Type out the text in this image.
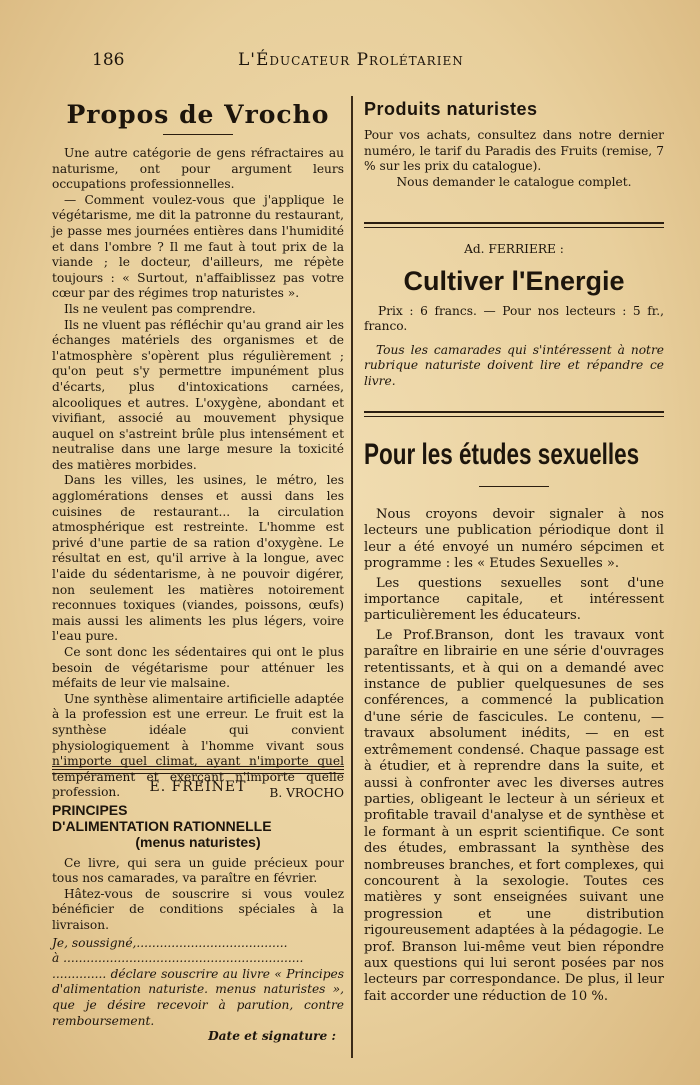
186	L'Éducateur Prolétarien
Propos de Vrocho

Une autre catégorie de gens réfractaires au naturisme, ont pour argument leurs occupations professionnelles.

— Comment voulez-vous que j'applique le végétarisme, me dit la patronne du restaurant, je passe mes journées entières dans l'humidité et dans l'ombre ? Il me faut à tout prix de la viande ; le docteur, d'ailleurs, me répète toujours : « Surtout, n'affaiblissez pas votre cœur par des régimes trop naturistes ».

Ils ne veulent pas comprendre.

Ils ne vluent pas réfléchir qu'au grand air les échanges matériels des organismes et de l'atmosphère s'opèrent plus régulièrement ; qu'on peut s'y permettre impunément plus d'écarts, plus d'intoxications carnées, alcooliques et autres. L'oxygène, abondant et vivifiant, associé au mouvement physique auquel on s'astreint brûle plus intensément et neutralise dans une large mesure la toxicité des matières morbides.

Dans les villes, les usines, le métro, les agglomérations denses et aussi dans les cuisines de restaurant... la circulation atmosphérique est restreinte. L'homme est privé d'une partie de sa ration d'oxygène. Le résultat en est, qu'il arrive à la longue, avec l'aide du sédentarisme, à ne pouvoir digérer, non seulement les matières notoirement reconnues toxiques (viandes, poissons, œufs) mais aussi les aliments les plus légers, voire l'eau pure.

Ce sont donc les sédentaires qui ont le plus besoin de végétarisme pour atténuer les méfaits de leur vie malsaine.

Une synthèse alimentaire artificielle adaptée à la profession est une erreur. Le fruit est la synthèse idéale qui convient physiologiquement à l'homme vivant sous n'importe quel climat, ayant n'importe quel tempérament et exerçant n'importe quelle profession.	B. VROCHO

E. FREINET

PRINCIPES
D'ALIMENTATION RATIONNELLE
(menus naturistes)

Ce livre, qui sera un guide précieux pour tous nos camarades, va paraître en février.

Hâtez-vous de souscrire si vous voulez bénéficier de conditions spéciales à la livraison.

Je, soussigné,.......................................

à ..............................................................

.............. déclare souscrire au livre « Principes d'alimentation naturiste. menus naturistes », que je désire recevoir à parution, contre remboursement.

Date et signature :

Produits naturistes

Pour vos achats, consultez dans notre dernier numéro, le tarif du Paradis des Fruits (remise, 7 % sur les prix du catalogue).

Nous demander le catalogue complet.

Ad. FERRIERE :

Cultiver l'Energie

Prix : 6 francs. — Pour nos lecteurs : 5 fr., franco.

Tous les camarades qui s'intéressent à notre rubrique naturiste doivent lire et répandre ce livre.

Pour les études sexuelles

Nous croyons devoir signaler à nos lecteurs une publication périodique dont il leur a été envoyé un numéro sépcimen et programme : les « Etudes Sexuelles ».

Les questions sexuelles sont d'une importance capitale, et intéressent particulièrement les éducateurs.

Le Prof.Branson, dont les travaux vont paraître en librairie en une série d'ouvrages retentissants, et à qui on a demandé avec instance de publier quelquesunes de ses conférences, a commencé la publication d'une série de fascicules. Le contenu, — travaux absolument inédits, — en est extrêmement condensé. Chaque passage est à étudier, et à reprendre dans la suite, et aussi à confronter avec les diverses autres parties, obligeant le lecteur à un sérieux et profitable travail d'analyse et de synthèse et le formant à un esprit scientifique. Ce sont des études, embrassant la synthèse des nombreuses branches, et fort complexes, qui concourent à la sexologie. Toutes ces matières y sont enseignées suivant une progression et une distribution rigoureusement adaptées à la pédagogie. Le prof. Branson lui-même veut bien répondre aux questions qui lui seront posées par nos lecteurs par correspondance. De plus, il leur fait accorder une réduction de 10 %.
